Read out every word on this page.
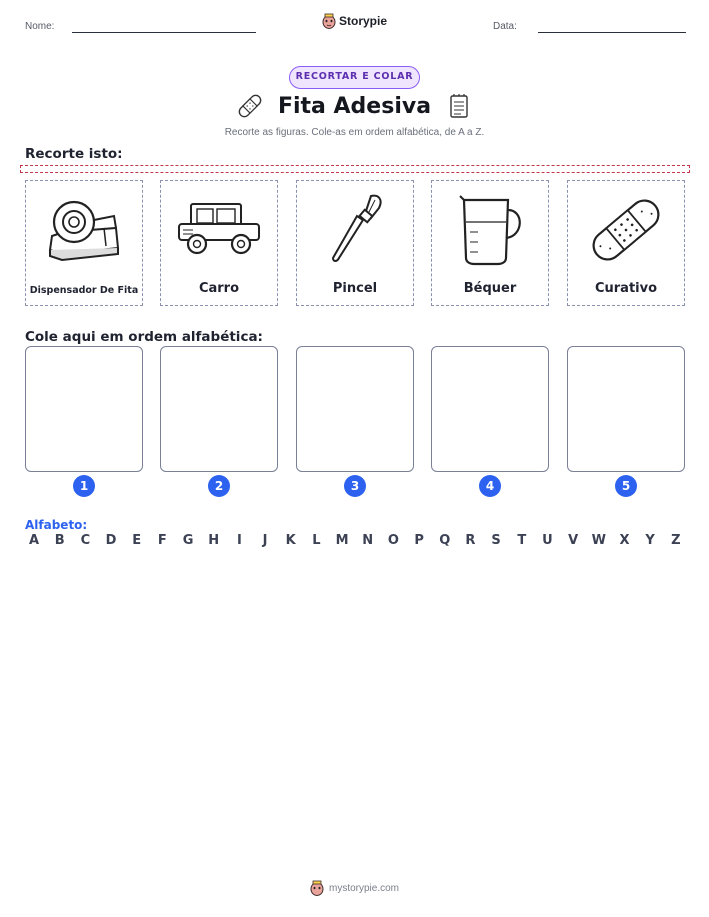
Nome:	Storypie	Data:
RECORTAR E COLAR
Fita Adesiva
Recorte as figuras. Cole-as em ordem alfabética, de A a Z.
Recorte isto:
Dispensador De Fita	Carro	Pincel	Béquer	Curativo
Cole aqui em ordem alfabética:
1	2	3	4	5
Alfabeto:
A	B	C	D	E	F	G H	I	J	K	L	M N O	P	Q	R	S	T	U	V	W	X	Y	Z
mystorypie.com
